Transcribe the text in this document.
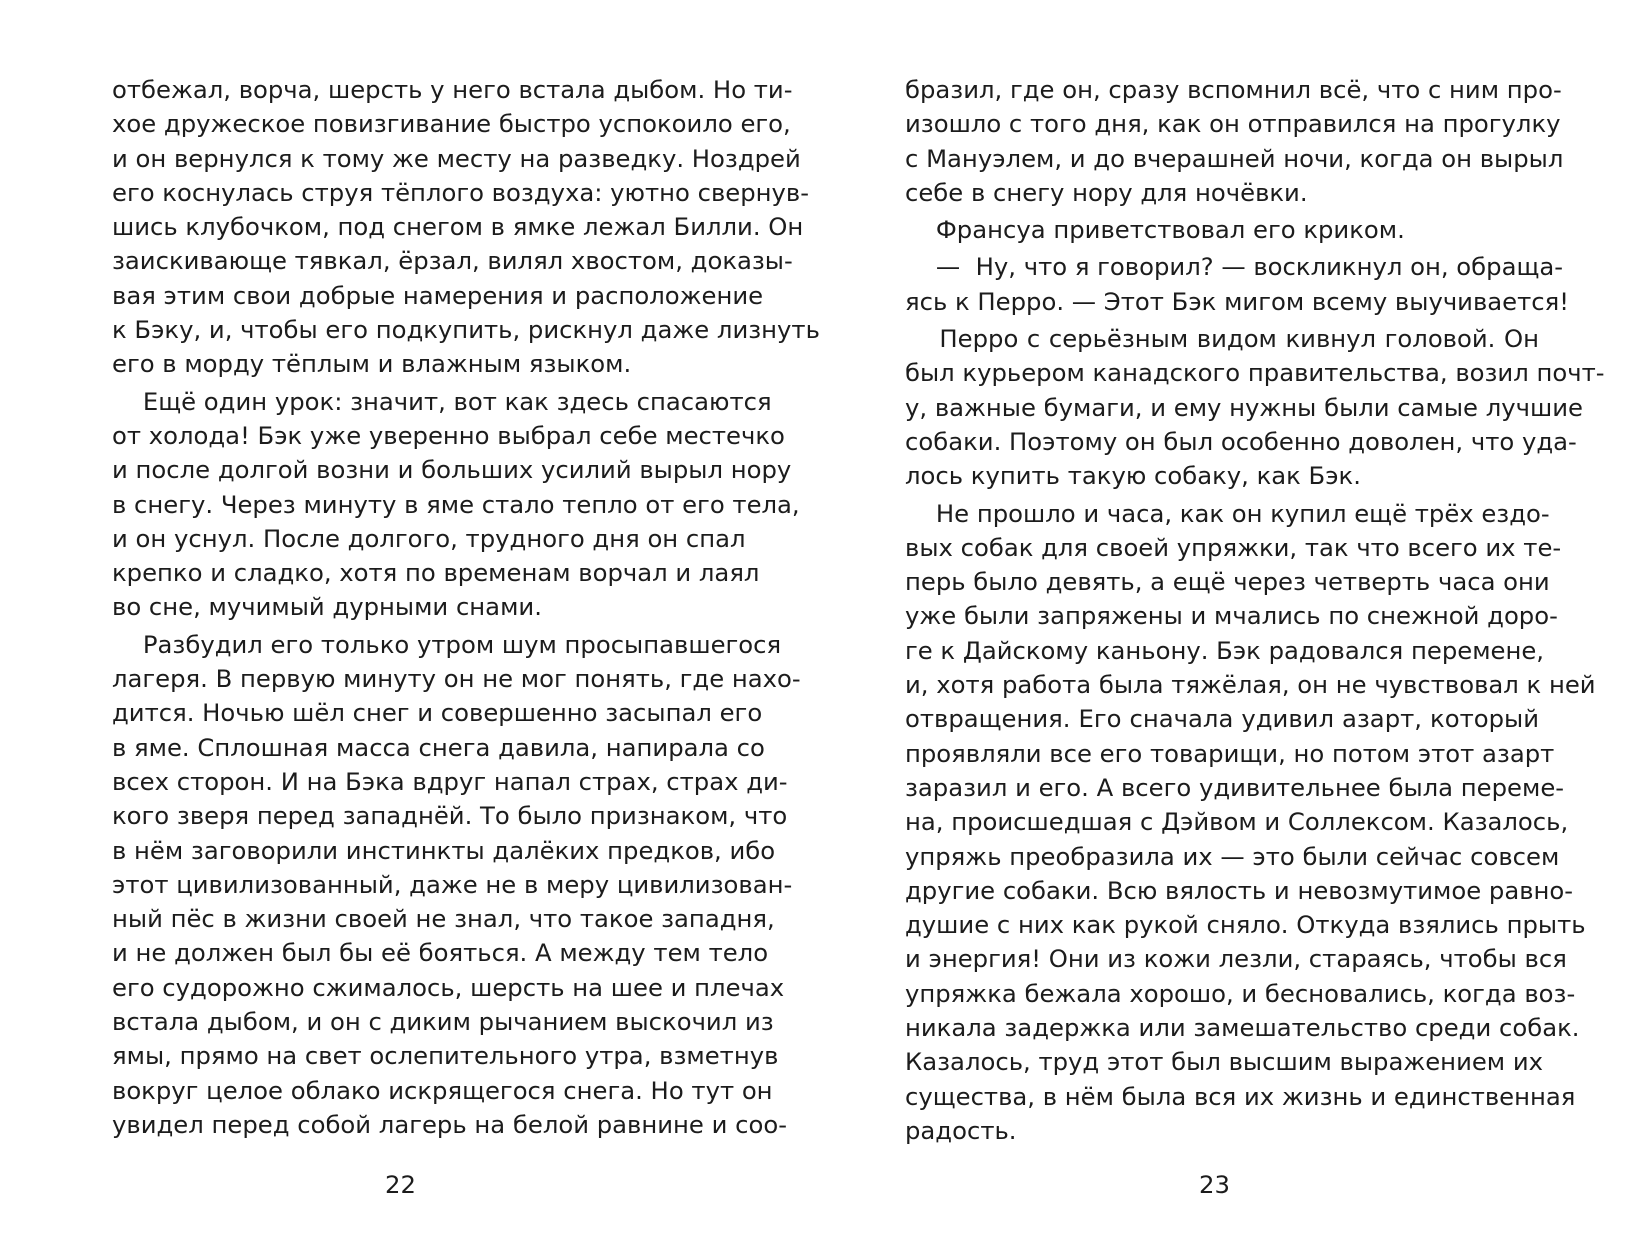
отбежал, ворча, шерсть у него встала дыбом. Но ти-
хое дружеское повизгивание быстро успокоило его,
и он вернулся к тому же месту на разведку. Ноздрей
его коснулась струя тёплого воздуха: уютно свернув-
шись клубочком, под снегом в ямке лежал Билли. Он
заискивающе тявкал, ёрзал, вилял хвостом, доказы-
вая этим свои добрые намерения и расположение
к Бэку, и, чтобы его подкупить, рискнул даже лизнуть
его в морду тёплым и влажным языком.
Ещё один урок: значит, вот как здесь спасаются
от холода! Бэк уже уверенно выбрал себе местечко
и после долгой возни и больших усилий вырыл нору
в снегу. Через минуту в яме стало тепло от его тела,
и он уснул. После долгого, трудного дня он спал
крепко и сладко, хотя по временам ворчал и лаял
во сне, мучимый дурными снами.
Разбудил его только утром шум просыпавшегося
лагеря. В первую минуту он не мог понять, где нахо-
дится. Ночью шёл снег и совершенно засыпал его
в яме. Сплошная масса снега давила, напирала со
всех сторон. И на Бэка вдруг напал страх, страх ди-
кого зверя перед западнёй. То было признаком, что
в нём заговорили инстинкты далёких предков, ибо
этот цивилизованный, даже не в меру цивилизован-
ный пёс в жизни своей не знал, что такое западня,
и не должен был бы её бояться. А между тем тело
его судорожно сжималось, шерсть на шее и плечах
встала дыбом, и он с диким рычанием выскочил из
ямы, прямо на свет ослепительного утра, взметнув
вокруг целое облако искрящегося снега. Но тут он
увидел перед собой лагерь на белой равнине и соо-
22
бразил, где он, сразу вспомнил всё, что с ним про-
изошло с того дня, как он отправился на прогулку
с Мануэлем, и до вчерашней ночи, когда он вырыл
себе в снегу нору для ночёвки.
Франсуа приветствовал его криком.
—  Ну, что я говорил? — воскликнул он, обраща-
ясь к Перро. — Этот Бэк мигом всему выучивается!
Перро с серьёзным видом кивнул головой. Он
был курьером канадского правительства, возил почт-
у, важные бумаги, и ему нужны были самые лучшие
собаки. Поэтому он был особенно доволен, что уда-
лось купить такую собаку, как Бэк.
Не прошло и часа, как он купил ещё трёх ездо-
вых собак для своей упряжки, так что всего их те-
перь было девять, а ещё через четверть часа они
уже были запряжены и мчались по снежной доро-
ге к Дайскому каньону. Бэк радовался перемене,
и, хотя работа была тяжёлая, он не чувствовал к ней
отвращения. Его сначала удивил азарт, который
проявляли все его товарищи, но потом этот азарт
заразил и его. А всего удивительнее была переме-
на, происшедшая с Дэйвом и Соллексом. Казалось,
упряжь преобразила их — это были сейчас совсем
другие собаки. Всю вялость и невозмутимое равно-
душие с них как рукой сняло. Откуда взялись прыть
и энергия! Они из кожи лезли, стараясь, чтобы вся
упряжка бежала хорошо, и бесновались, когда воз-
никала задержка или замешательство среди собак.
Казалось, труд этот был высшим выражением их
существа, в нём была вся их жизнь и единственная
радость.
23
